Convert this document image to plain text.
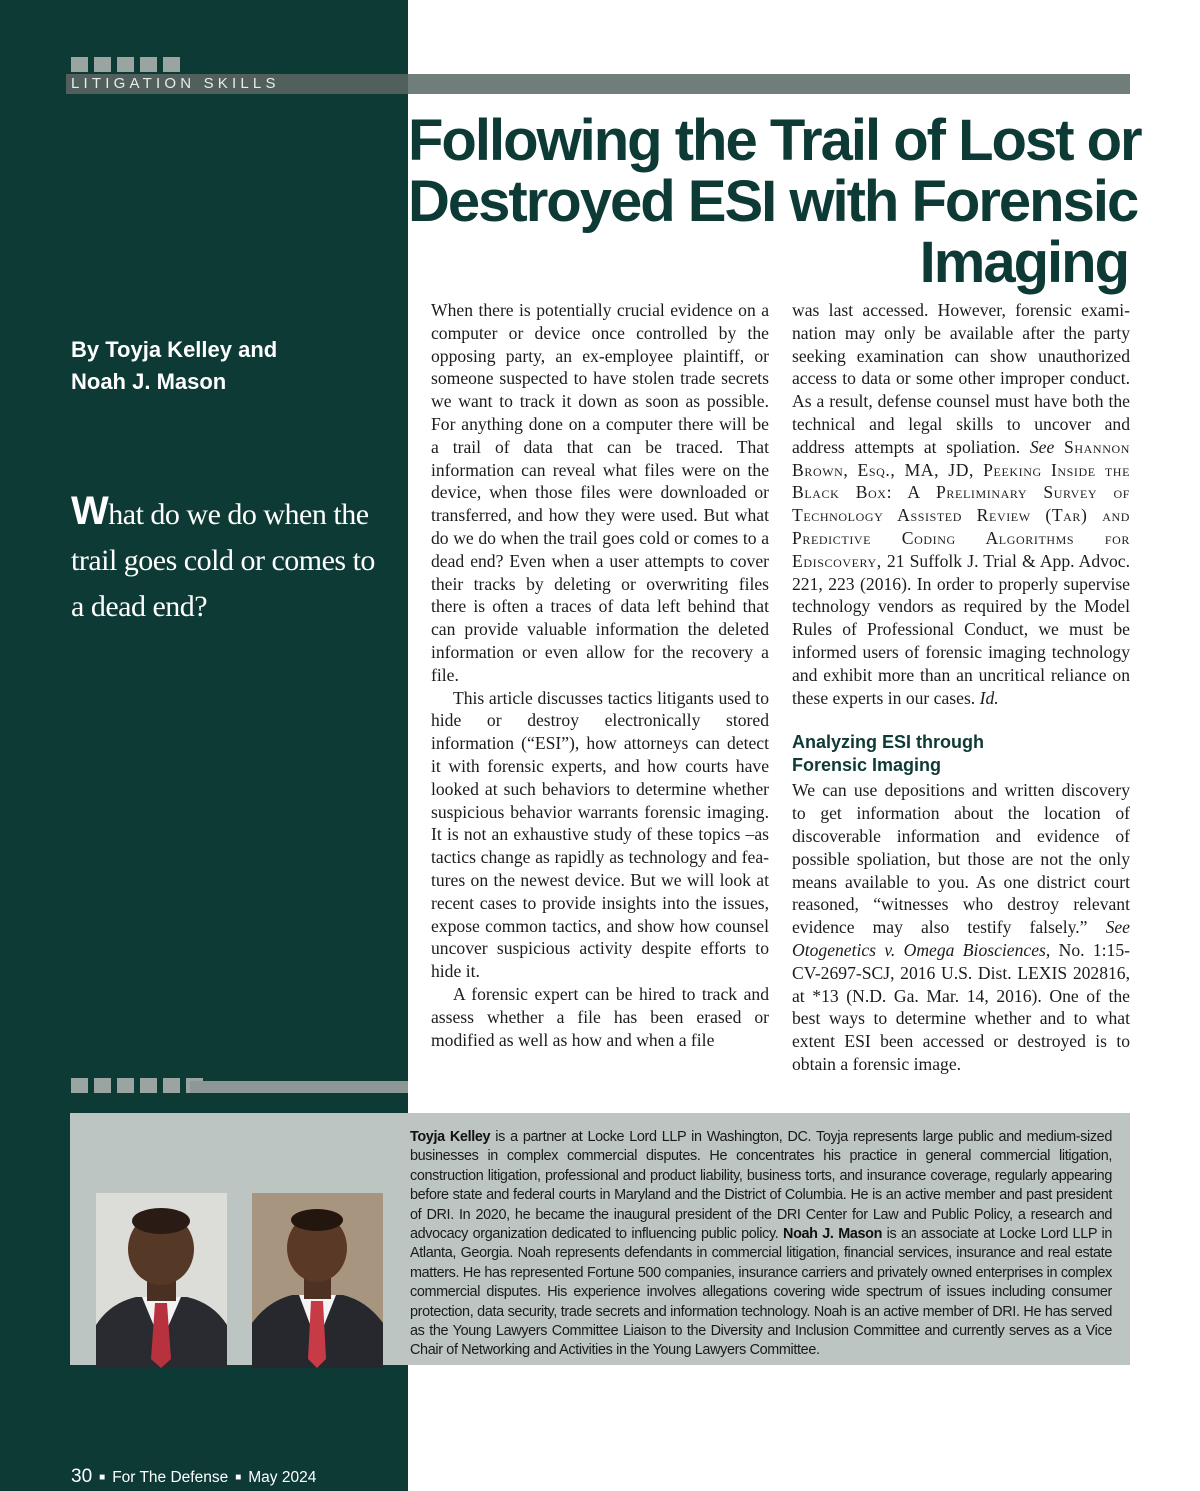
LITIGATION SKILLS
Following the Trail of Lost or
Destroyed ESI with Forensic
Imaging
By Toyja Kelley and
Noah J. Mason
What do we do when the trail goes cold or comes to a dead end?

When there is potentially crucial evidence on a computer or device once controlled by the opposing party, an ex-employee plaintiff, or someone suspected to have stolen trade secrets we want to track it down as soon as possible. For anything done on a computer there will be a trail of data that can be traced. That information can reveal what files were on the device, when those files were downloaded or transferred, and how they were used. But what do we do when the trail goes cold or comes to a dead end? Even when a user attempts to cover their tracks by deleting or overwriting files there is often a traces of data left behind that can provide valuable information the deleted information or even allow for the recovery a file.

This article discusses tactics litigants used to hide or destroy electronically stored information (“ESI”), how attorneys can detect it with forensic experts, and how courts have looked at such behaviors to determine whether suspicious behavior warrants forensic imaging. It is not an exhaustive study of these topics –as tactics change as rapidly as technology and features on the newest device. But we will look at recent cases to provide insights into the issues, expose common tactics, and show how counsel uncover suspicious activity despite efforts to hide it.

A forensic expert can be hired to track and assess whether a file has been erased or modified as well as how and when a file

was last accessed. However, forensic examination may only be available after the party seeking examination can show unauthorized access to data or some other improper conduct. As a result, defense counsel must have both the technical and legal skills to uncover and address attempts at spoliation. See Shannon Brown, Esq., MA, JD, Peeking Inside the Black Box: A Preliminary Survey of Technology Assisted Review (Tar) and Predictive Coding Algorithms for Ediscovery, 21 Suffolk J. Trial & App. Advoc. 221, 223 (2016). In order to properly supervise technology vendors as required by the Model Rules of Professional Conduct, we must be informed users of forensic imaging technology and exhibit more than an uncritical reliance on these experts in our cases. Id.

Analyzing ESI through
Forensic Imaging

We can use depositions and written discovery to get information about the location of discoverable information and evidence of possible spoliation, but those are not the only means available to you. As one district court reasoned, “witnesses who destroy relevant evidence may also testify falsely.” See Otogenetics v. Omega Biosciences, No. 1:15-CV-2697-SCJ, 2016 U.S. Dist. LEXIS 202816, at *13 (N.D. Ga. Mar. 14, 2016). One of the best ways to determine whether and to what extent ESI been accessed or destroyed is to obtain a forensic image.

Toyja Kelley is a partner at Locke Lord LLP in Washington, DC. Toyja represents large public and medium-sized businesses in complex commercial disputes. He concentrates his practice in general commercial litigation, construction litigation, professional and product liability, business torts, and insurance coverage, regularly appearing before state and federal courts in Maryland and the District of Columbia. He is an active member and past president of DRI. In 2020, he became the inaugural president of the DRI Center for Law and Public Policy, a research and advocacy organization dedicated to influencing public policy. Noah J. Mason is an associate at Locke Lord LLP in Atlanta, Georgia. Noah represents defendants in commercial litigation, financial services, insurance and real estate matters. He has represented Fortune 500 companies, insurance carriers and privately owned enterprises in complex commercial disputes. His experience involves allegations covering wide spectrum of issues including consumer protection, data security, trade secrets and information technology. Noah is an active member of DRI. He has served as the Young Lawyers Committee Liaison to the Diversity and Inclusion Committee and currently serves as a Vice Chair of Networking and Activities in the Young Lawyers Committee.
30 ■ For The Defense ■ May 2024
